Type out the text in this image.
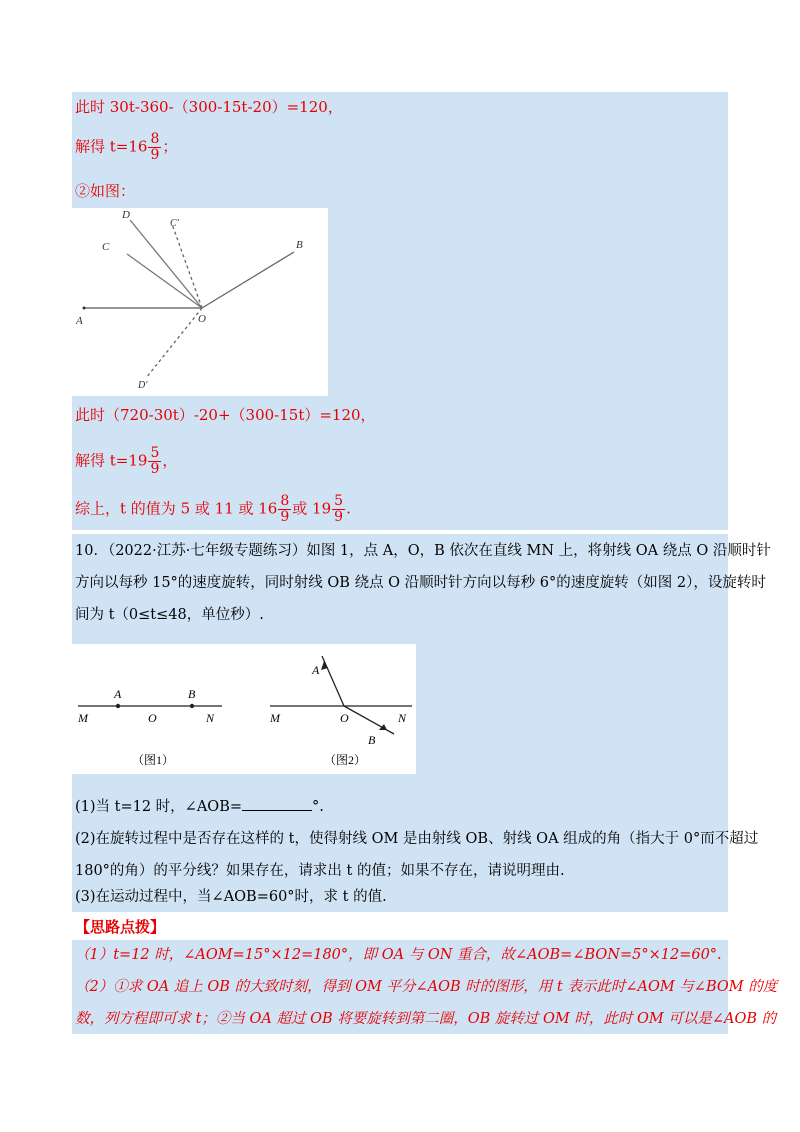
此时 30t-360-（300-15t-20）=120，
解得 $t=16 \frac{8}{9}$ ；
②如图：
D
C'
C	B
A	O
D'
此时（720-30t）-20+（300-15t）=120，
解得 $t=19 \frac{5}{9}$ ，
综上，t 的值为 5 或 11 或 $16 \frac{8}{9}$ 或 $19 \frac{5}{9}$ .
10．（2022·江苏·七年级专题练习）如图 1，点 A，O，B 依次在直线 MN 上，将射线 OA 绕点 O 沿顺时针
方向以每秒 15°的速度旋转，同时射线 OB 绕点 O 沿顺时针方向以每秒 6°的速度旋转（如图 2），设旋转时
间为 t（0≤t≤48，单位秒）.
A	B
M	O	N
（图1）
A
M	O	N
B
（图2）
(1)当 t=12 时，∠AOB=	°.
(2)在旋转过程中是否存在这样的 t，使得射线 OM 是由射线 OB、射线 OA 组成的角（指大于 0°而不超过
180°的角）的平分线？如果存在，请求出 t 的值；如果不存在，请说明理由.
(3)在运动过程中，当∠AOB=60°时，求 t 的值.
【思路点拨】
（1）t=12 时，∠AOM=15°×12=180°，即 OA 与 ON 重合，故∠AOB=∠BON=5°×12=60°.
（2）①求 OA 追上 OB 的大致时刻，得到 OM 平分∠AOB 时的图形，用 t 表示此时∠AOM 与∠BOM 的度
数，列方程即可求 t；②当 OA 超过 OB 将要旋转到第二圈，OB 旋转过 OM 时，此时 OM 可以是∠AOB 的
